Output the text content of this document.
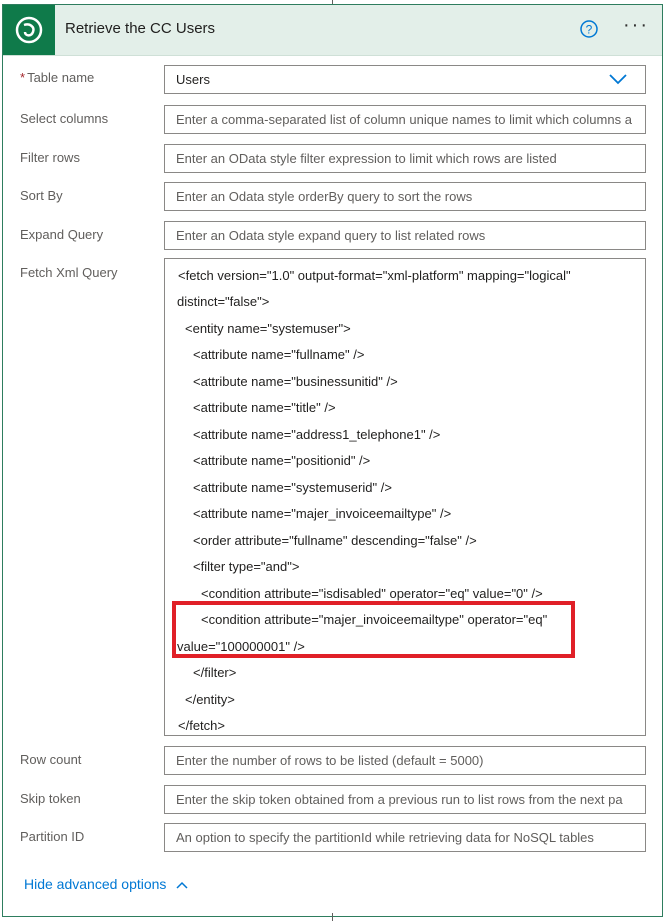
Retrieve the CC Users	? ···
* Table name	Users
Select columns	Enter a comma-separated list of column unique names to limit which columns a
Filter rows	Enter an OData style filter expression to limit which rows are listed
Sort By	Enter an Odata style orderBy query to sort the rows
Expand Query	Enter an Odata style expand query to list related rows
Fetch Xml Query	<fetch version="1.0" output-format="xml-platform" mapping="logical"
distinct="false">
<entity name="systemuser">
<attribute name="fullname" />
<attribute name="businessunitid" />
<attribute name="title" />
<attribute name="address1_telephone1" />
<attribute name="positionid" />
<attribute name="systemuserid" />
<attribute name="majer_invoiceemailtype" />
<order attribute="fullname" descending="false" />
<filter type="and">
<condition attribute="isdisabled" operator="eq" value="0" />
<condition attribute="majer_invoiceemailtype" operator="eq"
value="100000001" />
</filter>
</entity>
</fetch>
Row count	Enter the number of rows to be listed (default = 5000)
Skip token	Enter the skip token obtained from a previous run to list rows from the next pa
Partition ID	An option to specify the partitionId while retrieving data for NoSQL tables
Hide advanced options
